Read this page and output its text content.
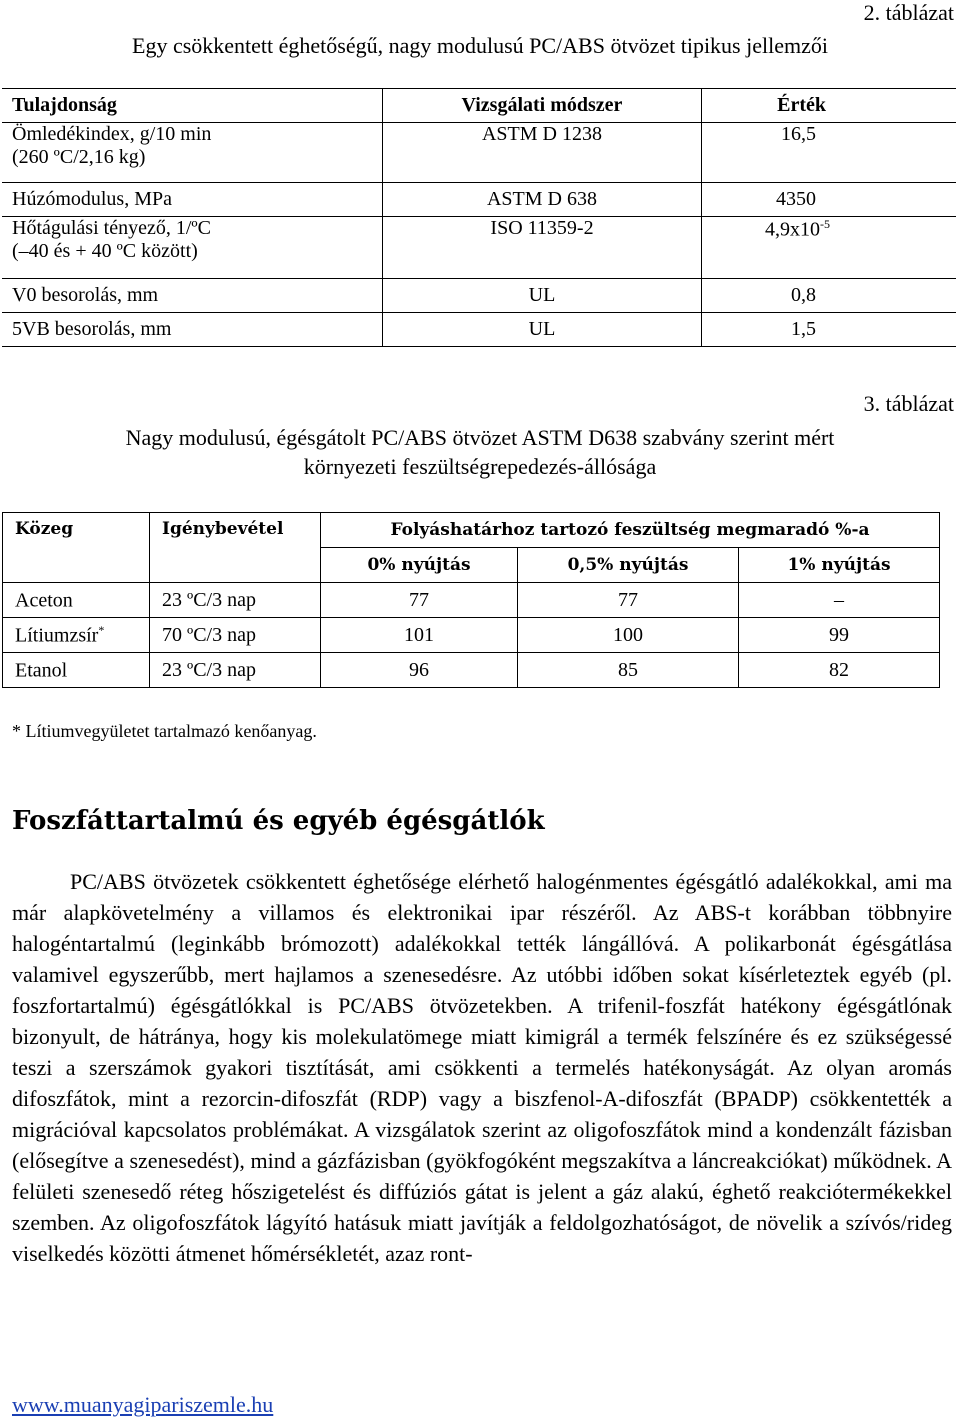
2. táblázat
Egy csökkentett éghetőségű, nagy modulusú PC/ABS ötvözet tipikus jellemzői
Tulajdonság	Vizsgálati módszer	Érték
Ömledékindex, g/10 min
(260 ºC/2,16 kg)	ASTM D 1238	16,5
Húzómodulus, MPa	ASTM D 638	4350
Hőtágulási tényező, 1/ºC
(–40 és + 40 ºC között)	ISO 11359-2	$4,9x10^{-5}$
V0 besorolás, mm	UL	0,8
5VB besorolás, mm	UL	1,5
3. táblázat
Nagy modulusú, égésgátolt PC/ABS ötvözet ASTM D638 szabvány szerint mért
környezeti feszültségrepedezés-állósága
Közeg	Igénybevétel	Folyáshatárhoz tartozó feszültség megmaradó %-a		
		0% nyújtás	0,5% nyújtás	1% nyújtás
Aceton	23 ºC/3 nap	77	77	–
Lítiumzsír*	70 ºC/3 nap	101	100	99
Etanol	23 ºC/3 nap	96	85	82
* Lítiumvegyületet tartalmazó kenőanyag.
Foszfáttartalmú és egyéb égésgátlók

PC/ABS ötvözetek csökkentett éghetősége elérhető halogénmentes égésgátló adalékokkal, ami ma már alapkövetelmény a villamos és elektronikai ipar részéről. Az ABS-t korábban többnyire halogéntartalmú (leginkább brómozott) adalékokkal tették lángállóvá. A polikarbonát égésgátlása valamivel egyszerűbb, mert hajlamos a szenesedésre. Az utóbbi időben sokat kísérleteztek egyéb (pl. foszfortartalmú) égésgátlókkal is PC/ABS ötvözetekben. A trifenil-foszfát hatékony égésgátlónak bizonyult, de hátránya, hogy kis molekulatömege miatt kimigrál a termék felszínére és ez szükségessé teszi a szerszámok gyakori tisztítását, ami csökkenti a termelés hatékonyságát. Az olyan aromás difoszfátok, mint a rezorcin-difoszfát (RDP) vagy a biszfenol-A-difoszfát (BPADP) csökkentették a migrációval kapcsolatos problémákat. A vizsgálatok szerint az oligofoszfátok mind a kondenzált fázisban (elősegítve a szenesedést), mind a gázfázisban (gyökfogóként megszakítva a láncreakciókat) működnek. A felületi szenesedő réteg hőszigetelést és diffúziós gátat is jelent a gáz alakú, éghető reakciótermékekkel szemben. Az oligofoszfátok lágyító hatásuk miatt javítják a feldolgozhatóságot, de növelik a szívós/rideg viselkedés közötti átmenet hőmérsékletét, azaz ront-

www.muanyagipariszemle.hu
